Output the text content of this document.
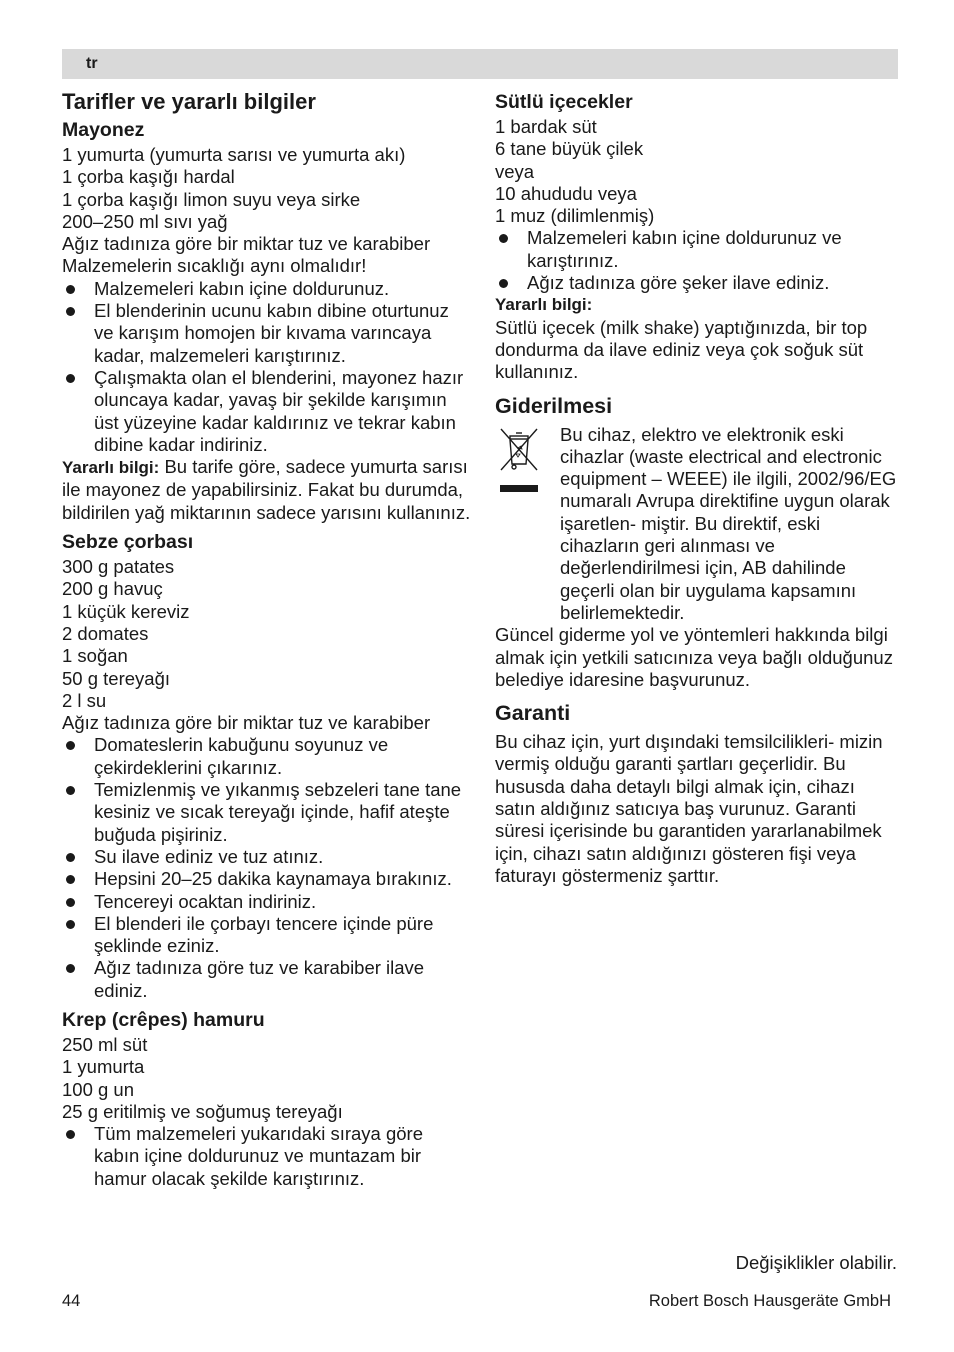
tr
Tarifler ve yararlı bilgiler
Mayonez

1 yumurta (yumurta sarısı ve yumurta akı)

1 çorba kaşığı hardal

1 çorba kaşığı limon suyu veya sirke

200–250 ml sıvı yağ

Ağız tadınıza göre bir miktar tuz ve karabiber

Malzemelerin sıcaklığı aynı olmalıdır!

Malzemeleri kabın içine doldurunuz.
El blenderinin ucunu kabın dibine oturtunuz ve karışım homojen bir kıvama varıncaya kadar, malzemeleri karıştırınız.
Çalışmakta olan el blenderini, mayonez hazır oluncaya kadar, yavaş bir şekilde karışımın üst yüzeyine kadar kaldırınız ve tekrar kabın dibine kadar indiriniz.

Yararlı bilgi: Bu tarife göre, sadece yumurta sarısı ile mayonez de yapabilirsiniz. Fakat bu durumda, bildirilen yağ miktarının sadece yarısını kullanınız.

Sebze çorbası

300 g patates

200 g havuç

1 küçük kereviz

2 domates

1 soğan

50 g tereyağı

2 l su

Ağız tadınıza göre bir miktar tuz ve karabiber

Domateslerin kabuğunu soyunuz ve çekirdeklerini çıkarınız.
Temizlenmiş ve yıkanmış sebzeleri tane tane kesiniz ve sıcak tereyağı içinde, hafif ateşte buğuda pişiriniz.
Su ilave ediniz ve tuz atınız.
Hepsini 20–25 dakika kaynamaya bırakınız.
Tencereyi ocaktan indiriniz.
El blenderi ile çorbayı tencere içinde püre şeklinde eziniz.
Ağız tadınıza göre tuz ve karabiber ilave ediniz.
Krep (crêpes) hamuru

250 ml süt

1 yumurta

100 g un

25 g eritilmiş ve soğumuş tereyağı

Tüm malzemeleri yukarıdaki sıraya göre kabın içine doldurunuz ve muntazam bir hamur olacak şekilde karıştırınız.
Sütlü içecekler

1 bardak süt

6 tane büyük çilek

veya

10 ahududu veya

1 muz (dilimlenmiş)

Malzemeleri kabın içine doldurunuz ve karıştırınız.
Ağız tadınıza göre şeker ilave ediniz.

Yararlı bilgi:

Sütlü içecek (milk shake) yaptığınızda, bir top dondurma da ilave ediniz veya çok soğuk süt kullanınız.

Giderilmesi

Bu cihaz, elektro ve elektronik eski cihazlar (waste electrical and electronic equipment – WEEE) ile ilgili, 2002/96/EG numaralı Avrupa direktifine uygun olarak işaretlen- miştir. Bu direktif, eski cihazların geri alınması ve değerlendirilmesi için, AB dahilinde geçerli olan bir uygulama kapsamını belirlemektedir.

Güncel giderme yol ve yöntemleri hakkında bilgi almak için yetkili satıcınıza veya bağlı olduğunuz belediye idaresine başvurunuz.

Garanti

Bu cihaz için, yurt dışındaki temsilcilikleri- mizin vermiş olduğu garanti şartları geçerlidir. Bu hususda daha detaylı bilgi almak için, cihazı satın aldığınız satıcıya baş vurunuz. Garanti süresi içerisinde bu garantiden yararlanabilmek için, cihazı satın aldığınızı gösteren fişi veya faturayı göstermeniz şarttır.

Değişiklikler olabilir.
44	Robert Bosch Hausgeräte GmbH
